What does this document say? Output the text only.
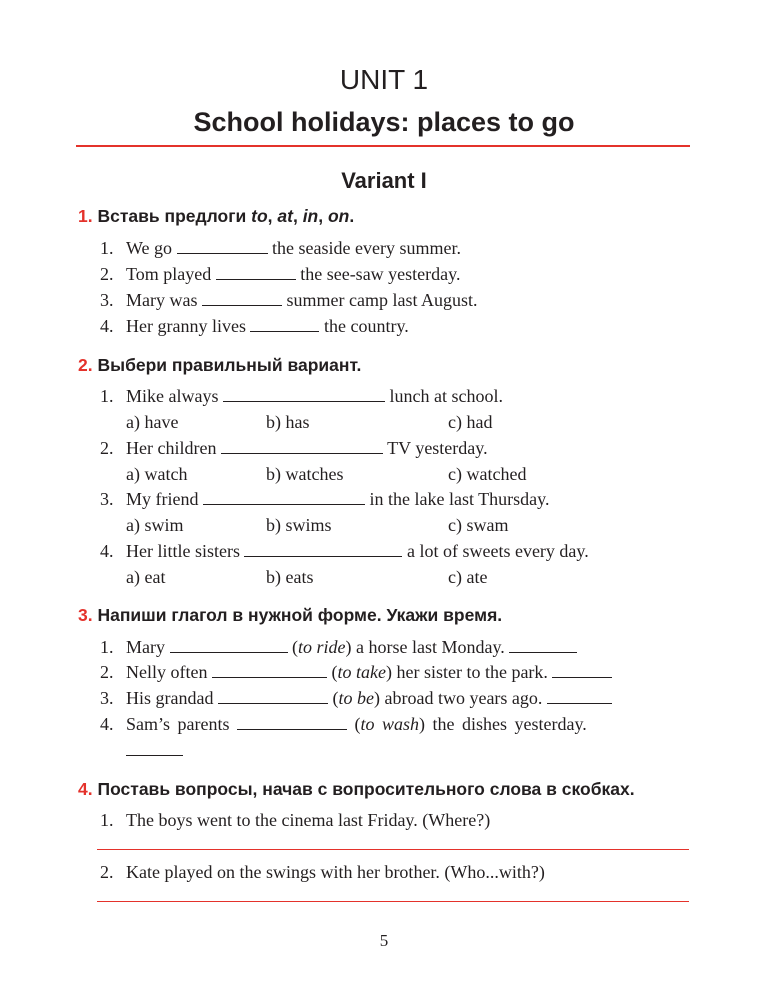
UNIT 1
School holidays: places to go
Variant I
1. Вставь предлоги to, at, in, on.
1. We go	the seaside every summer.
2. Tom played	the see-saw yesterday.
3. Mary was	summer camp last August.
4. Her granny lives	the country.
2. Выбери правильный вариант.
1. Mike always	lunch at school.
a) have	b) has	c) had
2. Her children	TV yesterday.
a) watch	b) watches	c) watched
3. My friend	in the lake last Thursday.
a) swim	b) swims	c) swam
4. Her little sisters	a lot of sweets every day.
a) eat	b) eats	c) ate
3. Напиши глагол в нужной форме. Укажи время.
1. Mary	(to ride) a horse last Monday.
2. Nelly often	(to take) her sister to the park.
3. His grandad	(to be) abroad two years ago.
4. Sam’s parents	(to wash) the dishes yesterday.
4. Поставь вопросы, начав с вопросительного слова в скобках.
1. The boys went to the cinema last Friday. (Where?)
2. Kate played on the swings with her brother. (Who...with?)
5
